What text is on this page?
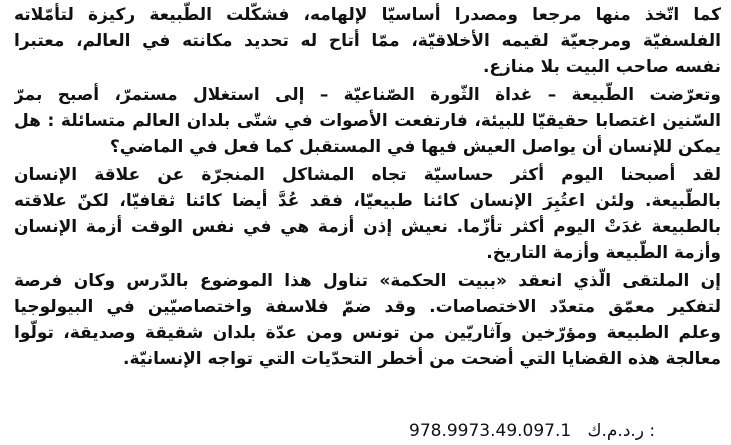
كما اتّخذ منها مرجعا ومصدرا أساسيّا لإلهامه، فشكّلت الطّبيعة ركيزة لتأمّلاته
الفلسفيّة ومرجعيّة لقيمه الأخلاقيّة، ممّا أتاح له تحديد مكانته في العالم، معتبرا
نفسه صاحب البيت بلا منازع.
وتعرّضت الطّبيعة – غداة الثّورة الصّناعيّة – إلى استغلال مستمرّ، أصبح بمرّ
السّنين اغتصابا حقيقيّا للبيئة، فارتفعت الأصوات في شتّى بلدان العالم متسائلة : هل
يمكن للإنسان أن يواصل العيش فيها في المستقبل كما فعل في الماضي؟
لقد أصبحنا اليوم أكثر حساسيّة تجاه المشاكل المنجرّة عن علاقة الإنسان
بالطّبيعة. ولئن اعتُبِرَ الإنسان كائنا طبيعيّا، فقد عُدَّ أيضا كائنا ثقافيّا، لكنّ علاقته
بالطبيعة غدَتْ اليوم أكثر تأزّما. نعيش إذن أزمة هي في نفس الوقت أزمة الإنسان
وأزمة الطّبيعة وأزمة التاريخ.
إن الملتقى الّذي انعقد «ببيت الحكمة» تناول هذا الموضوع بالدّرس وكان فرصة
لتفكير معمّق متعدّد الاختصاصات. وقد ضمّ فلاسفة واختصاصيّين في البيولوجيا
وعلم الطبيعة ومؤرّخين وآثاريّين من تونس ومن عدّة بلدان شقيقة وصديقة، تولّوا
معالجة هذه القضايا التي أضحت من أخطر التحدّيات التي تواجه الإنسانيّة.
978.9973.49.097.1 ر.د.م.ك :
